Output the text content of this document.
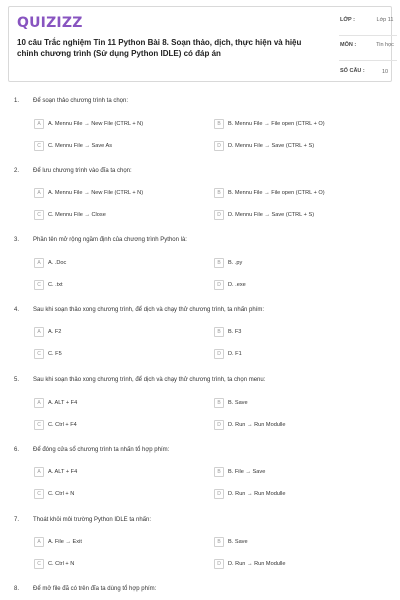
QUIZIZZ
10 câu Trắc nghiệm Tin 11 Python Bài 8. Soạn thảo, dịch, thực hiện và hiệu chỉnh chương trình (Sử dụng Python IDLE) có đáp án
LỚP :	Lớp 11
MÔN :	Tin học
SỐ CÂU :	10
1. Để soạn thảo chương trình ta chọn:
A	A. Mennu File → New File (CTRL + N)	B	B. Mennu File → File open (CTRL + O)
C	C. Mennu File → Save As	D	D. Mennu File → Save (CTRL + S)
2. Để lưu chương trình vào đĩa ta chọn:
A	A. Mennu File → New File (CTRL + N)	B	B. Mennu File → File open (CTRL + O)
C	C. Mennu File → Close	D	D. Mennu File → Save (CTRL + S)
3. Phần tên mở rộng ngầm định của chương trình Python là:
A	A. .Doc	B	B. .py
C	C. .txt	D	D. .exe
4. Sau khi soạn thảo xong chương trình, để dịch và chạy thử chương trình, ta nhấn phím:
A	A. F2	B	B. F3
C	C. F5	D	D. F1
5. Sau khi soạn thảo xong chương trình, để dịch và chạy thử chương trình, ta chọn menu:
A	A. ALT + F4	B	B. Save
C	C. Ctrl + F4	D	D. Run → Run Modulle
6. Để đóng cửa sổ chương trình ta nhấn tổ hợp phím:
A	A. ALT + F4	B	B. File → Save
C	C. Ctrl + N	D	D. Run → Run Modulle
7. Thoát khỏi môi trường Python IDLE ta nhấn:
A	A. File → Exit	B	B. Save
C	C. Ctrl + N	D	D. Run → Run Modulle
8. Để mở file đã có trên đĩa ta dùng tổ hợp phím:
